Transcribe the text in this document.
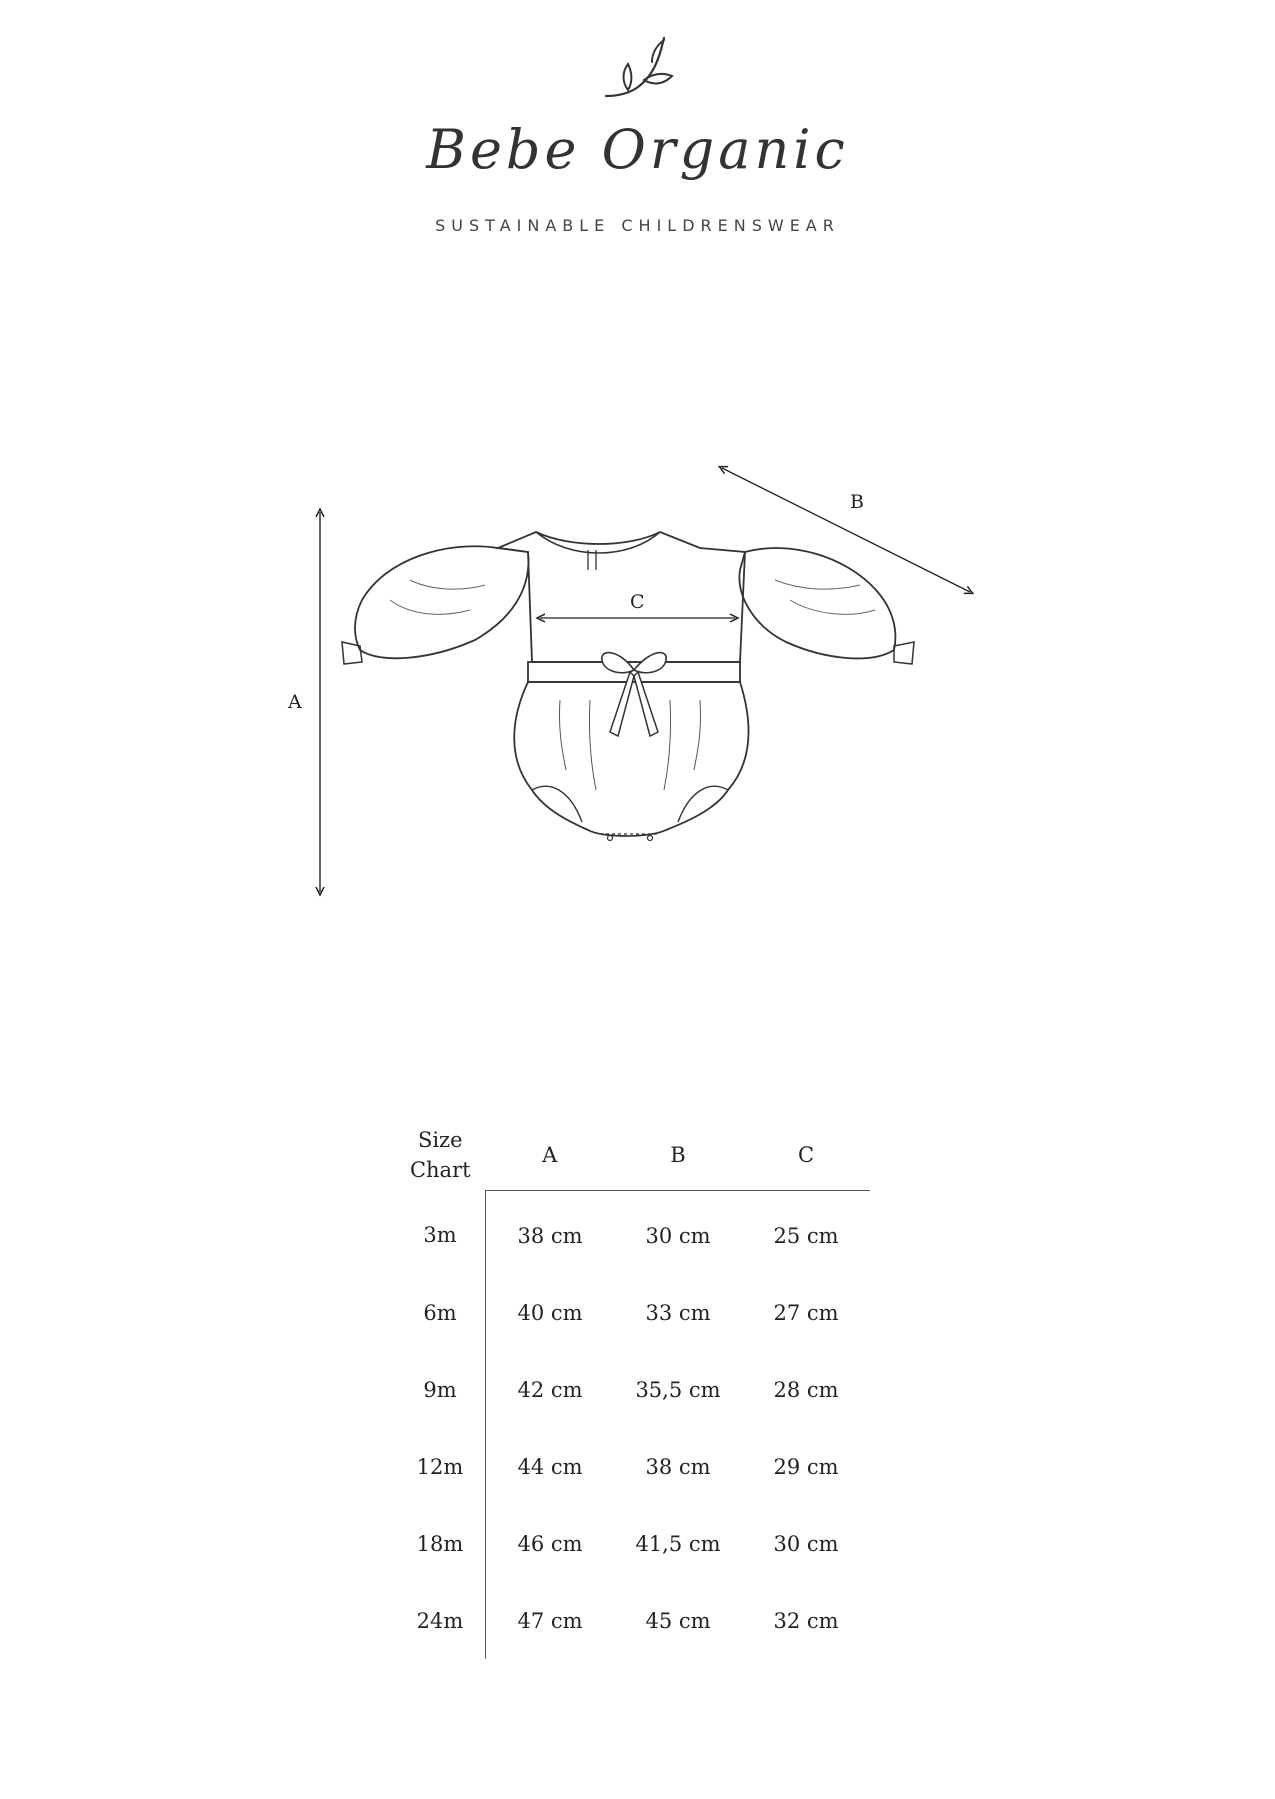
Bebe Organic
SUSTAINABLE CHILDRENSWEAR
A
B
C
Size Chart	A	B	C
3m	38 cm	30 cm	25 cm
6m	40 cm	33 cm	27 cm
9m	42 cm	35,5 cm	28 cm
12m	44 cm	38 cm	29 cm
18m	46 cm	41,5 cm	30 cm
24m	47 cm	45 cm	32 cm
